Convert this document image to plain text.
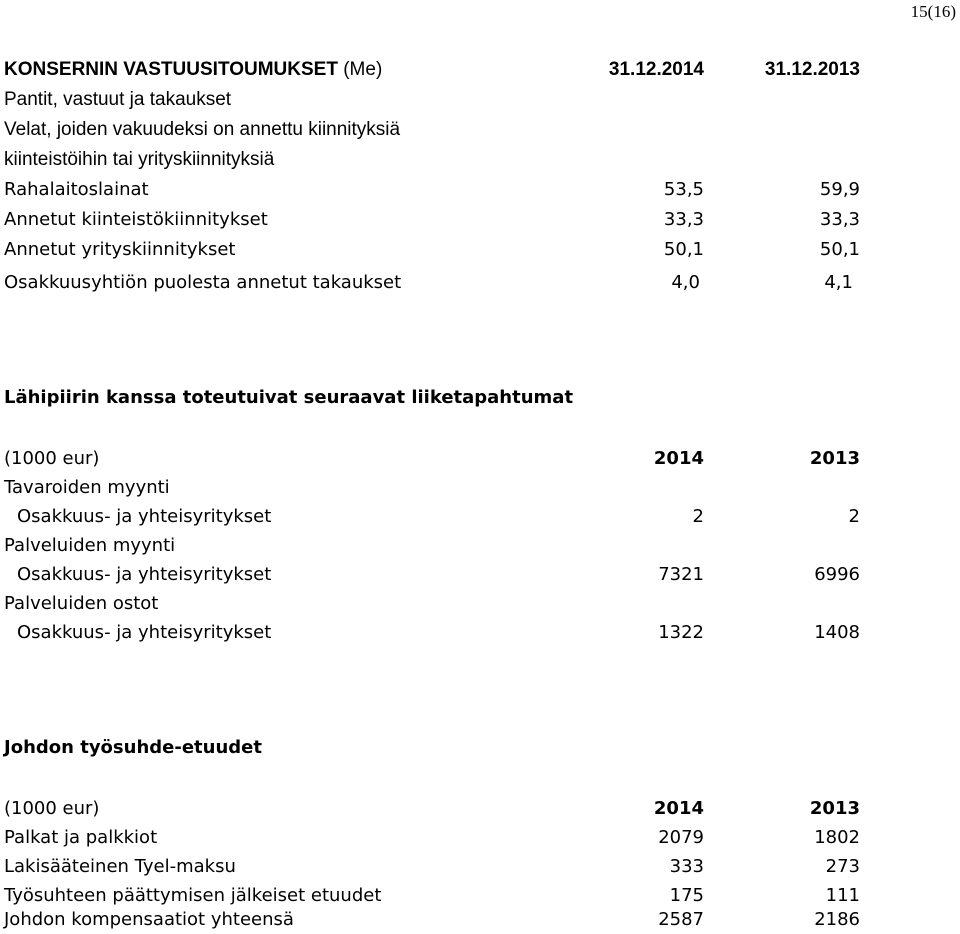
15(16)
KONSERNIN VASTUUSITOUMUKSET (Me)	31.12.2014	31.12.2013
Pantit, vastuut ja takaukset
Velat, joiden vakuudeksi on annettu kiinnityksiä
kiinteistöihin tai yrityskiinnityksiä
Rahalaitoslainat	53,5	59,9
Annetut kiinteistökiinnitykset	33,3	33,3
Annetut yrityskiinnitykset	50,1	50,1
Osakkuusyhtiön puolesta annetut takaukset	4,0	4,1
Lähipiirin kanssa toteutuivat seuraavat liiketapahtumat
(1000 eur)	2014	2013
Tavaroiden myynti
Osakkuus- ja yhteisyritykset	2	2
Palveluiden myynti
Osakkuus- ja yhteisyritykset	7321	6996
Palveluiden ostot
Osakkuus- ja yhteisyritykset	1322	1408
Johdon työsuhde-etuudet
(1000 eur)	2014	2013
Palkat ja palkkiot	2079	1802
Lakisääteinen Tyel-maksu	333	273
Työsuhteen päättymisen jälkeiset etuudet	175	111
Johdon kompensaatiot yhteensä	2587	2186
